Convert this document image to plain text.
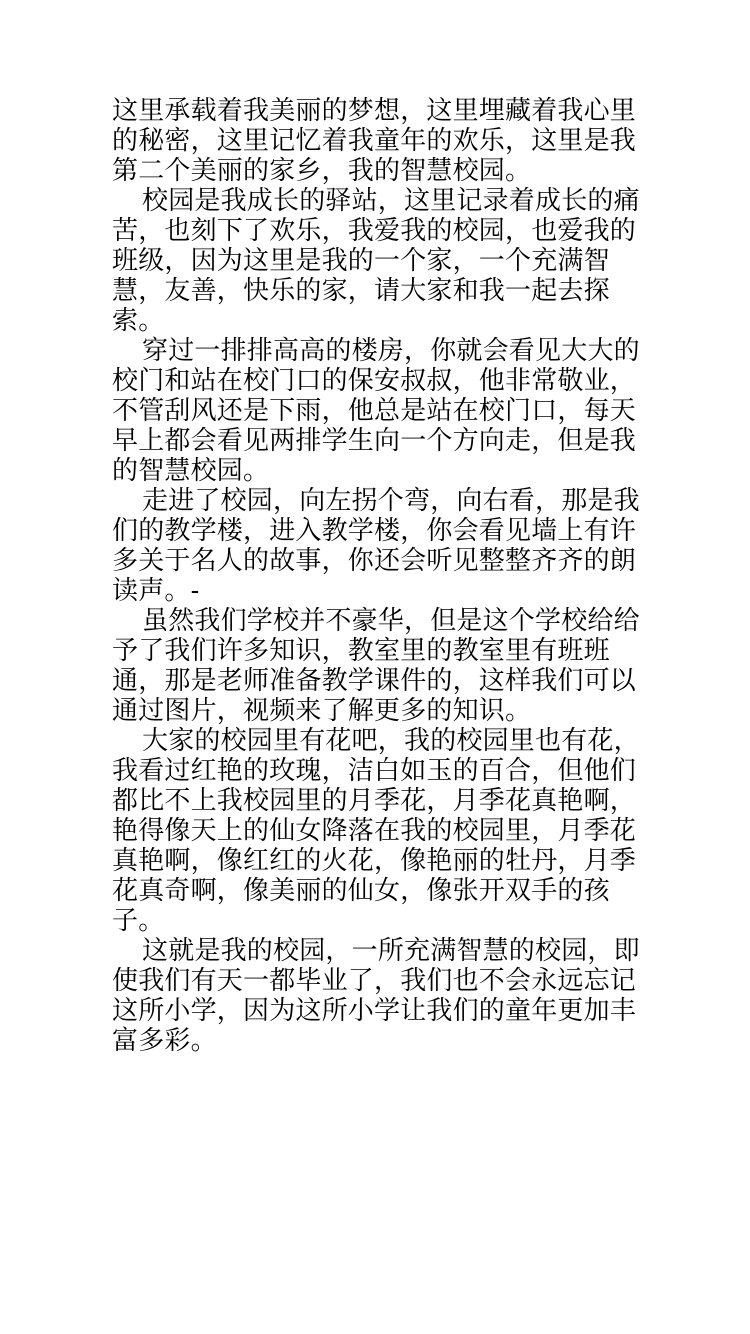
这里承载着我美丽的梦想，这里埋藏着我心里
的秘密，这里记忆着我童年的欢乐，这里是我
第二个美丽的家乡，我的智慧校园。
校园是我成长的驿站，这里记录着成长的痛
苦，也刻下了欢乐，我爱我的校园，也爱我的
班级，因为这里是我的一个家，一个充满智
慧，友善，快乐的家，请大家和我一起去探
索。
穿过一排排高高的楼房，你就会看见大大的
校门和站在校门口的保安叔叔，他非常敬业，
不管刮风还是下雨，他总是站在校门口，每天
早上都会看见两排学生向一个方向走，但是我
的智慧校园。
走进了校园，向左拐个弯，向右看，那是我
们的教学楼，进入教学楼，你会看见墙上有许
多关于名人的故事，你还会听见整整齐齐的朗
读声。-
虽然我们学校并不豪华，但是这个学校给给
予了我们许多知识，教室里的教室里有班班
通，那是老师准备教学课件的，这样我们可以
通过图片，视频来了解更多的知识。
大家的校园里有花吧，我的校园里也有花，
我看过红艳的玫瑰，洁白如玉的百合，但他们
都比不上我校园里的月季花，月季花真艳啊，
艳得像天上的仙女降落在我的校园里，月季花
真艳啊，像红红的火花，像艳丽的牡丹，月季
花真奇啊，像美丽的仙女，像张开双手的孩
子。
这就是我的校园，一所充满智慧的校园，即
使我们有天一都毕业了，我们也不会永远忘记
这所小学，因为这所小学让我们的童年更加丰
富多彩。
